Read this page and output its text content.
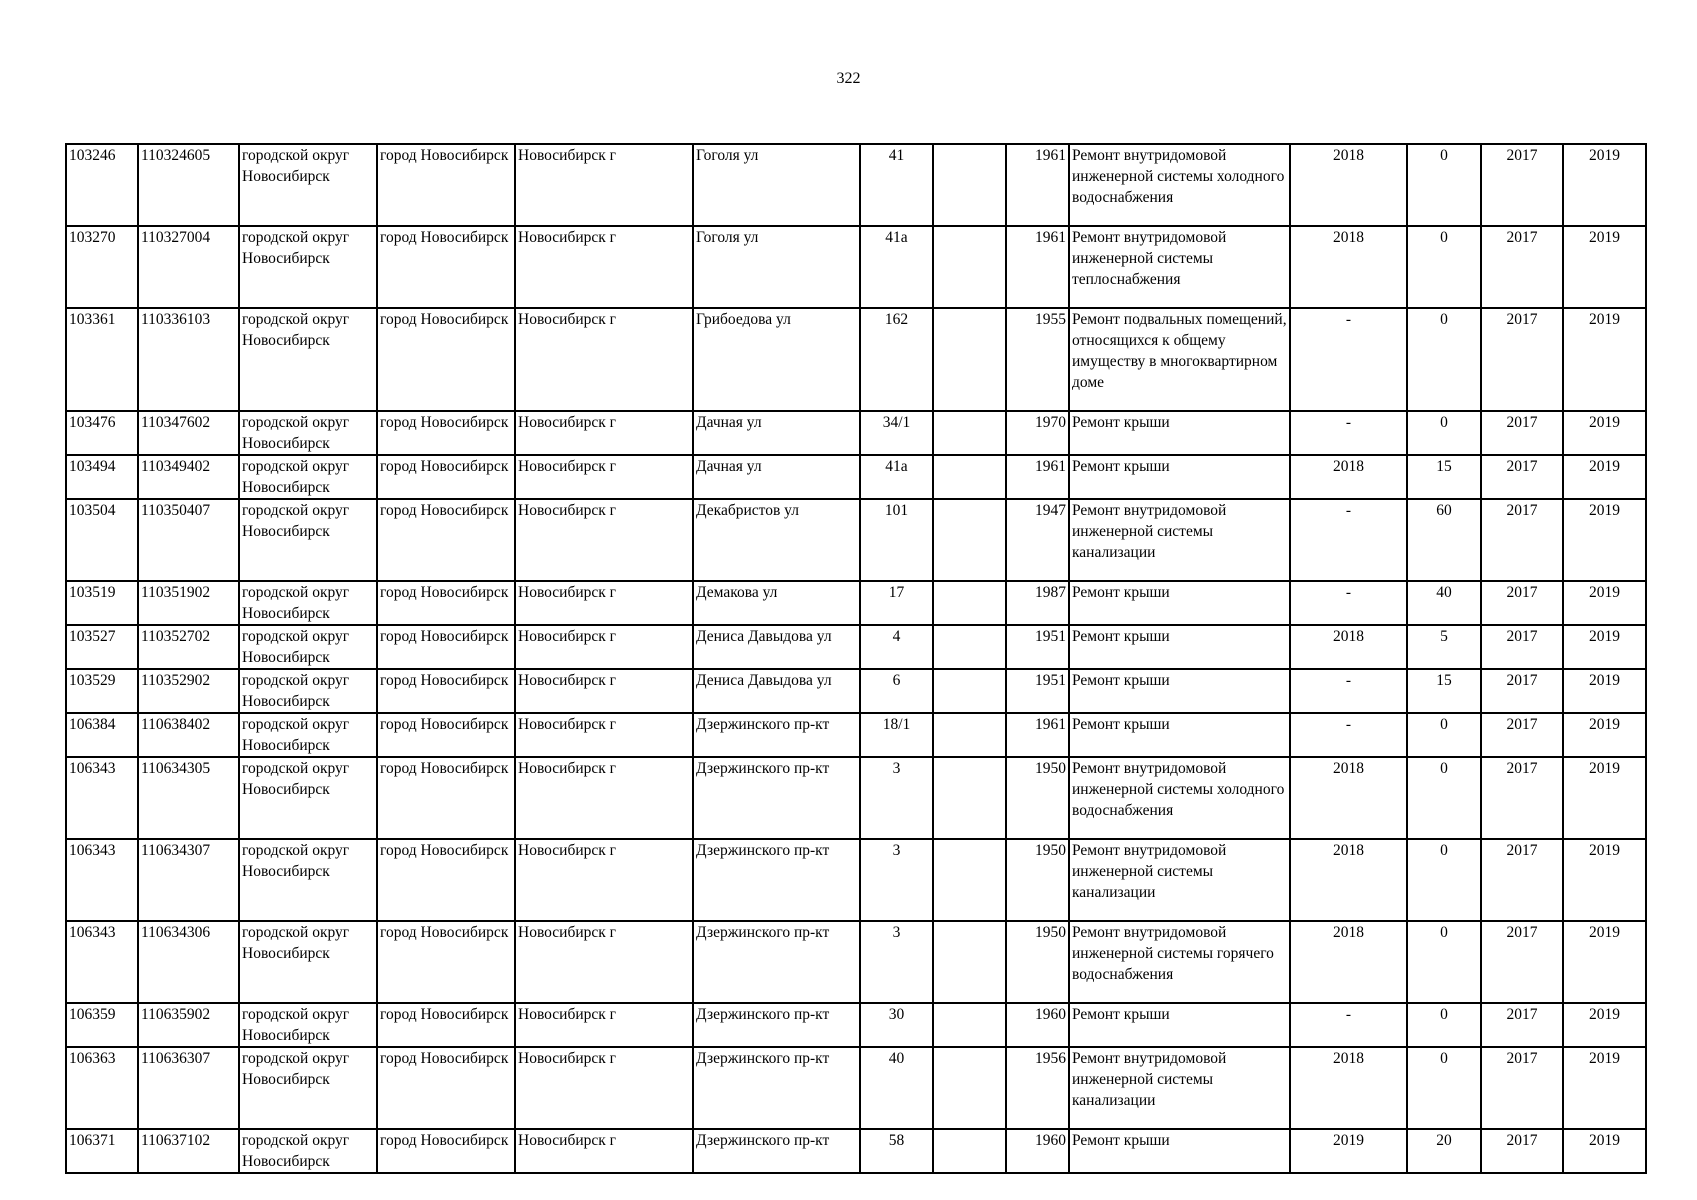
322
103246	110324605	городской округ Новосибирск	город Новосибирск	Новосибирск г	Гоголя ул	41		1961	Ремонт внутридомовой инженерной системы холодного водоснабжения	2018	0	2017	2019
103270	110327004	городской округ Новосибирск	город Новосибирск	Новосибирск г	Гоголя ул	41а		1961	Ремонт внутридомовой инженерной системы теплоснабжения	2018	0	2017	2019
103361	110336103	городской округ Новосибирск	город Новосибирск	Новосибирск г	Грибоедова ул	162		1955	Ремонт подвальных помещений, относящихся к общему имуществу в многоквартирном доме	-	0	2017	2019
103476	110347602	городской округ Новосибирск	город Новосибирск	Новосибирск г	Дачная ул	34/1		1970	Ремонт крыши	-	0	2017	2019
103494	110349402	городской округ Новосибирск	город Новосибирск	Новосибирск г	Дачная ул	41а		1961	Ремонт крыши	2018	15	2017	2019
103504	110350407	городской округ Новосибирск	город Новосибирск	Новосибирск г	Декабристов ул	101		1947	Ремонт внутридомовой инженерной системы канализации	-	60	2017	2019
103519	110351902	городской округ Новосибирск	город Новосибирск	Новосибирск г	Демакова ул	17		1987	Ремонт крыши	-	40	2017	2019
103527	110352702	городской округ Новосибирск	город Новосибирск	Новосибирск г	Дениса Давыдова ул	4		1951	Ремонт крыши	2018	5	2017	2019
103529	110352902	городской округ Новосибирск	город Новосибирск	Новосибирск г	Дениса Давыдова ул	6		1951	Ремонт крыши	-	15	2017	2019
106384	110638402	городской округ Новосибирск	город Новосибирск	Новосибирск г	Дзержинского пр-кт	18/1		1961	Ремонт крыши	-	0	2017	2019
106343	110634305	городской округ Новосибирск	город Новосибирск	Новосибирск г	Дзержинского пр-кт	3		1950	Ремонт внутридомовой инженерной системы холодного водоснабжения	2018	0	2017	2019
106343	110634307	городской округ Новосибирск	город Новосибирск	Новосибирск г	Дзержинского пр-кт	3		1950	Ремонт внутридомовой инженерной системы канализации	2018	0	2017	2019
106343	110634306	городской округ Новосибирск	город Новосибирск	Новосибирск г	Дзержинского пр-кт	3		1950	Ремонт внутридомовой инженерной системы горячего водоснабжения	2018	0	2017	2019
106359	110635902	городской округ Новосибирск	город Новосибирск	Новосибирск г	Дзержинского пр-кт	30		1960	Ремонт крыши	-	0	2017	2019
106363	110636307	городской округ Новосибирск	город Новосибирск	Новосибирск г	Дзержинского пр-кт	40		1956	Ремонт внутридомовой инженерной системы канализации	2018	0	2017	2019
106371	110637102	городской округ Новосибирск	город Новосибирск	Новосибирск г	Дзержинского пр-кт	58		1960	Ремонт крыши	2019	20	2017	2019
